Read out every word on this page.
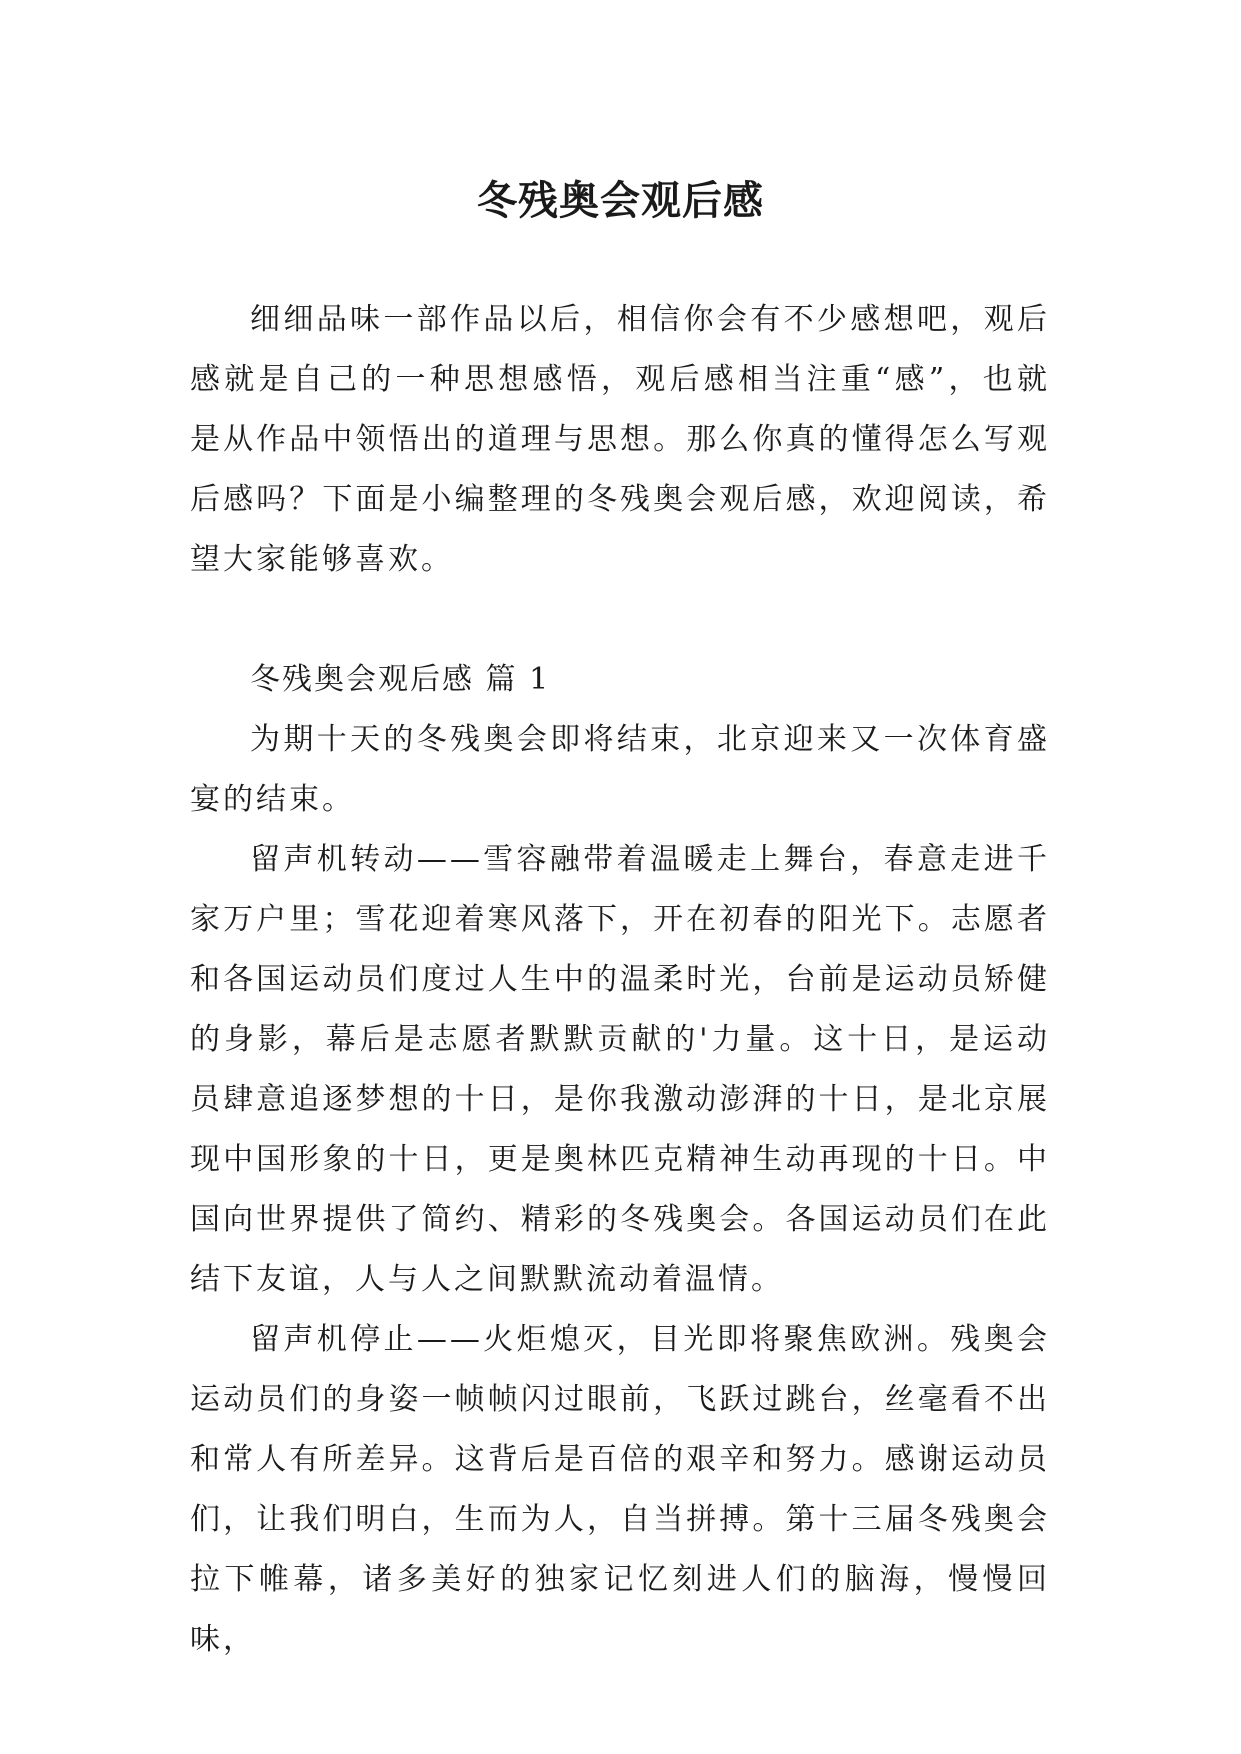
冬残奥会观后感

细细品味一部作品以后，相信你会有不少感想吧，观后感就是自己的一种思想感悟，观后感相当注重“感”，也就是从作品中领悟出的道理与思想。那么你真的懂得怎么写观后感吗？下面是小编整理的冬残奥会观后感，欢迎阅读，希望大家能够喜欢。

冬残奥会观后感 篇 1

为期十天的冬残奥会即将结束，北京迎来又一次体育盛宴的结束。

留声机转动——雪容融带着温暖走上舞台，春意走进千家万户里；雪花迎着寒风落下，开在初春的阳光下。志愿者和各国运动员们度过人生中的温柔时光，台前是运动员矫健的身影，幕后是志愿者默默贡献的'力量。这十日，是运动员肆意追逐梦想的十日，是你我激动澎湃的十日，是北京展现中国形象的十日，更是奥林匹克精神生动再现的十日。中国向世界提供了简约、精彩的冬残奥会。各国运动员们在此结下友谊，人与人之间默默流动着温情。

留声机停止——火炬熄灭，目光即将聚焦欧洲。残奥会运动员们的身姿一帧帧闪过眼前，飞跃过跳台，丝毫看不出和常人有所差异。这背后是百倍的艰辛和努力。感谢运动员们，让我们明白，生而为人，自当拼搏。第十三届冬残奥会拉下帷幕，诸多美好的独家记忆刻进人们的脑海，慢慢回味，
